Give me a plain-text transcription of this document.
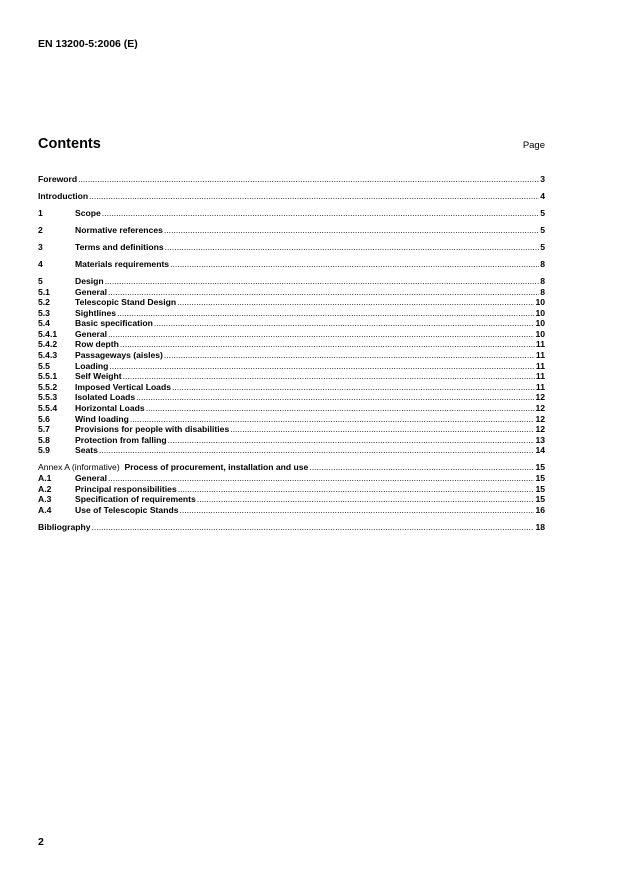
EN 13200-5:2006 (E)
Contents	Page
Foreword .....	3
Introduction .....	4
1	Scope .....	5
2	Normative references .....	5
3	Terms and definitions .....	5
4	Materials requirements .....	8
5	Design .....	8
5.1	General .....	8
5.2	Telescopic Stand Design .....	10
5.3	Sightlines .....	10
5.4	Basic specification .....	10
5.4.1	General .....	10
5.4.2	Row depth .....	11
5.4.3	Passageways (aisles) .....	11
5.5	Loading .....	11
5.5.1	Self Weight .....	11
5.5.2	Imposed Vertical Loads .....	11
5.5.3	Isolated Loads .....	12
5.5.4	Horizontal Loads .....	12
5.6	Wind loading .....	12
5.7	Provisions for people with disabilities .....	12
5.8	Protection from falling .....	13
5.9	Seats .....	14
Annex A (informative) Process of procurement, installation and use .....	15
A.1	General .....	15
A.2	Principal responsibilities .....	15
A.3	Specification of requirements .....	15
A.4	Use of Telescopic Stands .....	16
Bibliography .....	18
2
